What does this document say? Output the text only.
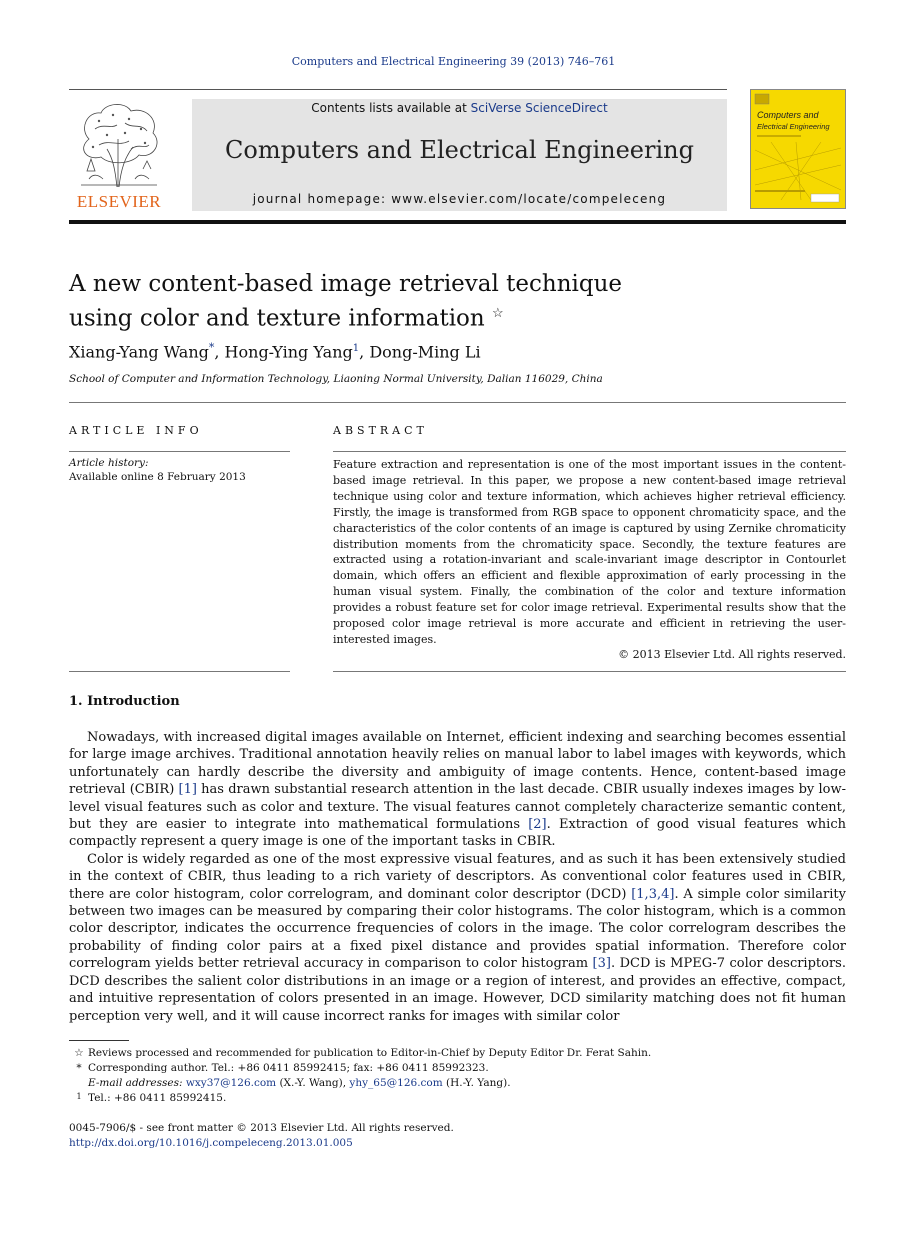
Computers and Electrical Engineering 39 (2013) 746–761
ELSEVIER
Contents lists available at SciVerse ScienceDirect
Computers and Electrical Engineering
journal homepage: www.elsevier.com/locate/compeleceng
Computers and
Electrical Engineering
A new content-based image retrieval technique
using color and texture information ☆
Xiang-Yang Wang*, Hong-Ying Yang$^1$, Dong-Ming Li
School of Computer and Information Technology, Liaoning Normal University, Dalian 116029, China
ARTICLE INFO
Article history:
Available online 8 February 2013
ABSTRACT
Feature extraction and representation is one of the most important issues in the content-based image retrieval. In this paper, we propose a new content-based image retrieval technique using color and texture information, which achieves higher retrieval efficiency. Firstly, the image is transformed from RGB space to opponent chromaticity space, and the characteristics of the color contents of an image is captured by using Zernike chromaticity distribution moments from the chromaticity space. Secondly, the texture features are extracted using a rotation-invariant and scale-invariant image descriptor in Contourlet domain, which offers an efficient and flexible approximation of early processing in the human visual system. Finally, the combination of the color and texture information provides a robust feature set for color image retrieval. Experimental results show that the proposed color image retrieval is more accurate and efficient in retrieving the user-interested images.
© 2013 Elsevier Ltd. All rights reserved.
1. Introduction

Nowadays, with increased digital images available on Internet, efficient indexing and searching becomes essential for large image archives. Traditional annotation heavily relies on manual labor to label images with keywords, which unfortunately can hardly describe the diversity and ambiguity of image contents. Hence, content-based image retrieval (CBIR) [1] has drawn substantial research attention in the last decade. CBIR usually indexes images by low-level visual features such as color and texture. The visual features cannot completely characterize semantic content, but they are easier to integrate into mathematical formulations [2]. Extraction of good visual features which compactly represent a query image is one of the important tasks in CBIR.

Color is widely regarded as one of the most expressive visual features, and as such it has been extensively studied in the context of CBIR, thus leading to a rich variety of descriptors. As conventional color features used in CBIR, there are color histogram, color correlogram, and dominant color descriptor (DCD) [1,3,4]. A simple color similarity between two images can be measured by comparing their color histograms. The color histogram, which is a common color descriptor, indicates the occurrence frequencies of colors in the image. The color correlogram describes the probability of finding color pairs at a fixed pixel distance and provides spatial information. Therefore color correlogram yields better retrieval accuracy in comparison to color histogram [3]. DCD is MPEG-7 color descriptors. DCD describes the salient color distributions in an image or a region of interest, and provides an effective, compact, and intuitive representation of colors presented in an image. However, DCD similarity matching does not fit human perception very well, and it will cause incorrect ranks for images with similar color

☆ Reviews processed and recommended for publication to Editor-in-Chief by Deputy Editor Dr. Ferat Sahin.
* Corresponding author. Tel.: +86 0411 85992415; fax: +86 0411 85992323.
E-mail addresses: wxy37@126.com (X.-Y. Wang), yhy_65@126.com (H.-Y. Yang).
1 Tel.: +86 0411 85992415.
0045-7906/$ - see front matter © 2013 Elsevier Ltd. All rights reserved.
http://dx.doi.org/10.1016/j.compeleceng.2013.01.005
